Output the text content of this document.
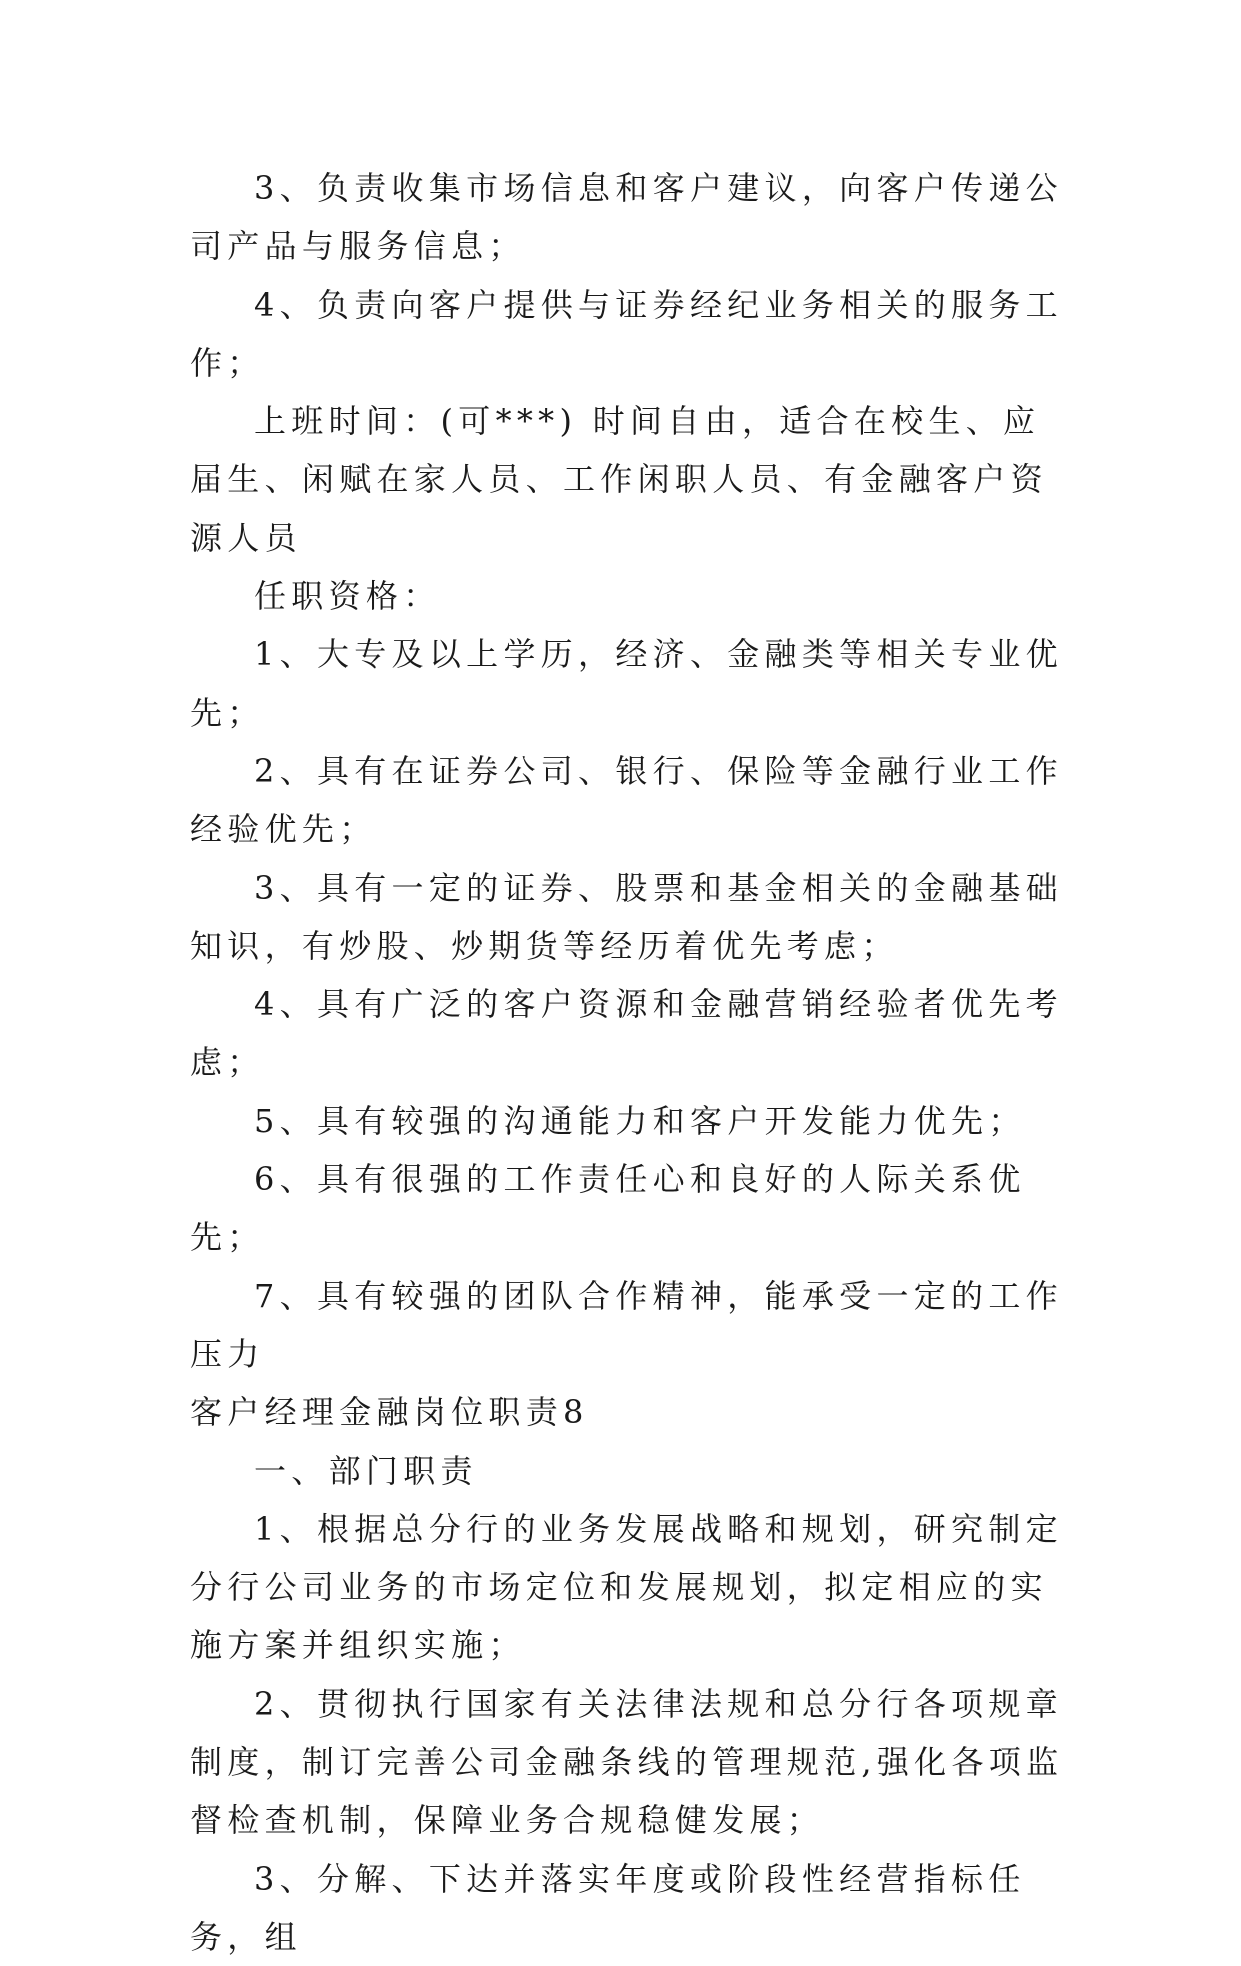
3、负责收集市场信息和客户建议，向客户传递公司产品与服务信息；

4、负责向客户提供与证券经纪业务相关的服务工作；

上班时间：(可***) 时间自由，适合在校生、应届生、闲赋在家人员、工作闲职人员、有金融客户资源人员

任职资格：

1、大专及以上学历，经济、金融类等相关专业优先；

2、具有在证券公司、银行、保险等金融行业工作经验优先；

3、具有一定的证券、股票和基金相关的金融基础知识，有炒股、炒期货等经历着优先考虑；

4、具有广泛的客户资源和金融营销经验者优先考虑；

5、具有较强的沟通能力和客户开发能力优先；

6、具有很强的工作责任心和良好的人际关系优先；

7、具有较强的团队合作精神，能承受一定的工作压力

客户经理金融岗位职责8

一、部门职责

1、根据总分行的业务发展战略和规划，研究制定分行公司业务的市场定位和发展规划，拟定相应的实施方案并组织实施；

2、贯彻执行国家有关法律法规和总分行各项规章制度，制订完善公司金融条线的管理规范,强化各项监督检查机制，保障业务合规稳健发展；

3、分解、下达并落实年度或阶段性经营指标任务，组
